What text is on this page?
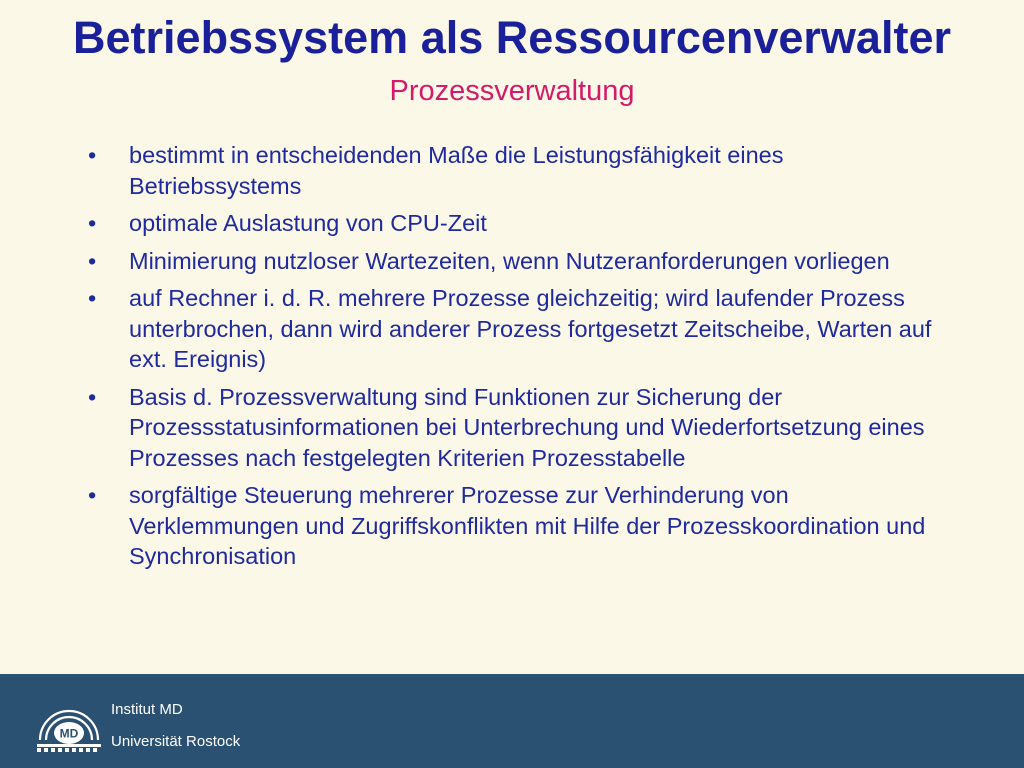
Betriebssystem als Ressourcenverwalter
Prozessverwaltung
• bestimmt in entscheidenden Maße die Leistungsfähigkeit eines Betriebssystems
• optimale Auslastung von CPU-Zeit
• Minimierung nutzloser Wartezeiten, wenn Nutzeranforderungen vorliegen
• auf Rechner i. d. R. mehrere Prozesse gleichzeitig; wird laufender Prozess unterbrochen, dann wird anderer Prozess fortgesetzt Zeitscheibe, Warten auf ext. Ereignis)
• Basis d. Prozessverwaltung sind Funktionen zur Sicherung der Prozessstatusinformationen bei Unterbrechung und Wiederfortsetzung eines Prozesses nach festgelegten Kriterien Prozesstabelle
• sorgfältige Steuerung mehrerer Prozesse zur Verhinderung von Verklemmungen und Zugriffskonflikten mit Hilfe der Prozesskoordination und Synchronisation
MD
Institut MD
Universität Rostock
